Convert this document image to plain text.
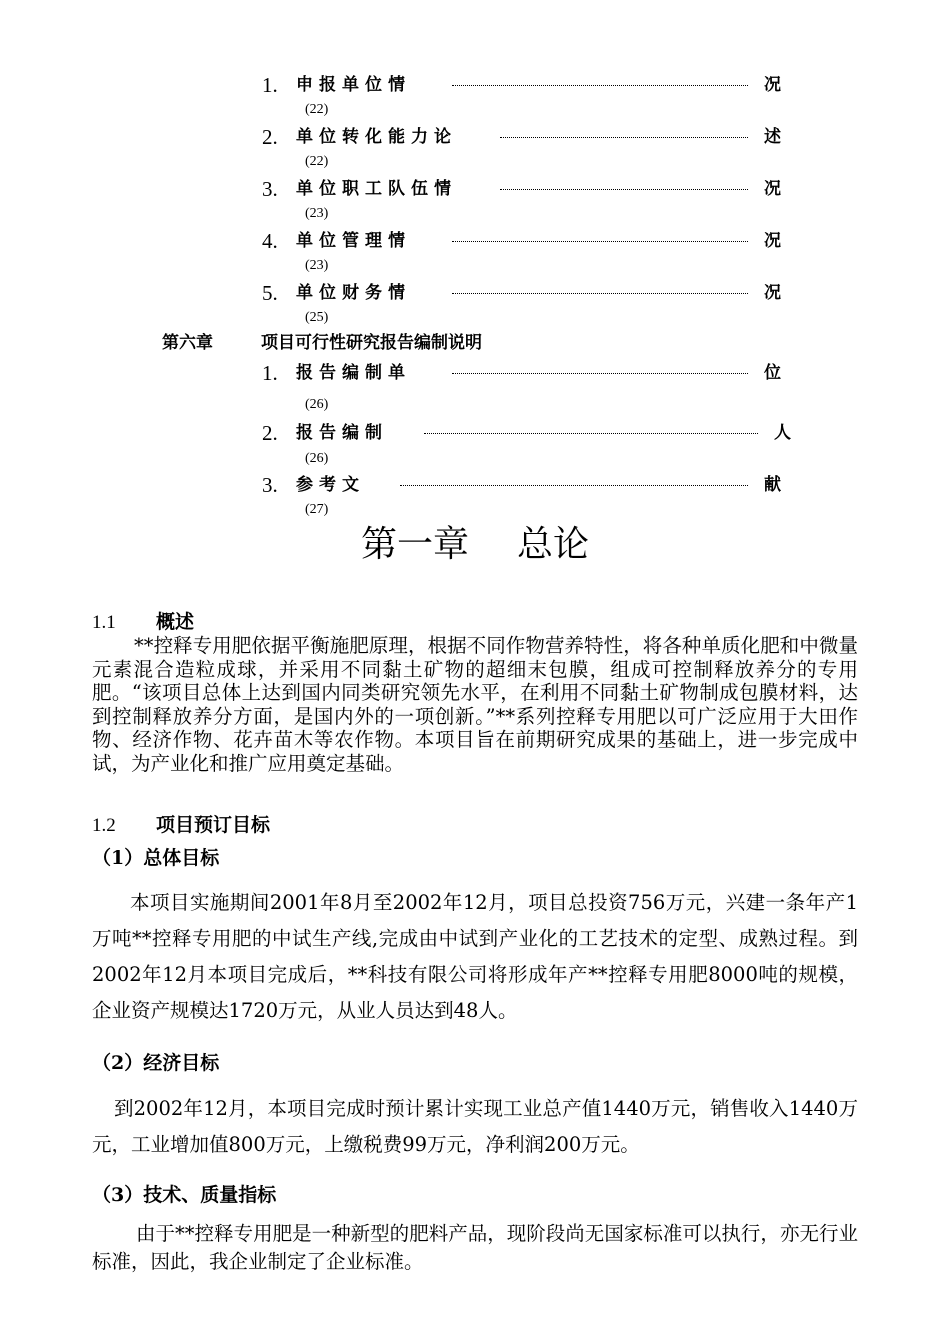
1. 申报单位情	况
(22)
2. 单位转化能力论	述
(22)
3. 单位职工队伍情	况
(23)
4. 单位管理情	况
(23)
5. 单位财务情	况
(25)
第六章	项目可行性研究报告编制说明
1. 报告编制单	位
(26)
2. 报告编制	人
(26)
3. 参考文	献
(27)
第一章 总论
1.1 概述
**控释专用肥依据平衡施肥原理，根据不同作物营养特性，将各种单质化肥和中微量元素混合造粒成球，并采用不同黏土矿物的超细末包膜，组成可控制释放养分的专用肥。“该项目总体上达到国内同类研究领先水平，在利用不同黏土矿物制成包膜材料，达到控制释放养分方面，是国内外的一项创新。”**系列控释专用肥以可广泛应用于大田作物、经济作物、花卉苗木等农作物。本项目旨在前期研究成果的基础上，进一步完成中试，为产业化和推广应用奠定基础。
1.2 项目预订目标
（1）总体目标
本项目实施期间2001年8月至2002年12月，项目总投资756万元，兴建一条年产1万吨**控释专用肥的中试生产线,完成由中试到产业化的工艺技术的定型、成熟过程。到2002年12月本项目完成后，**科技有限公司将形成年产**控释专用肥8000吨的规模，企业资产规模达1720万元，从业人员达到48人。
（2）经济目标
到2002年12月，本项目完成时预计累计实现工业总产值1440万元，销售收入1440万元，工业增加值800万元，上缴税费99万元，净利润200万元。
（3）技术、质量指标
由于**控释专用肥是一种新型的肥料产品，现阶段尚无国家标准可以执行，亦无行业标准，因此，我企业制定了企业标准。
